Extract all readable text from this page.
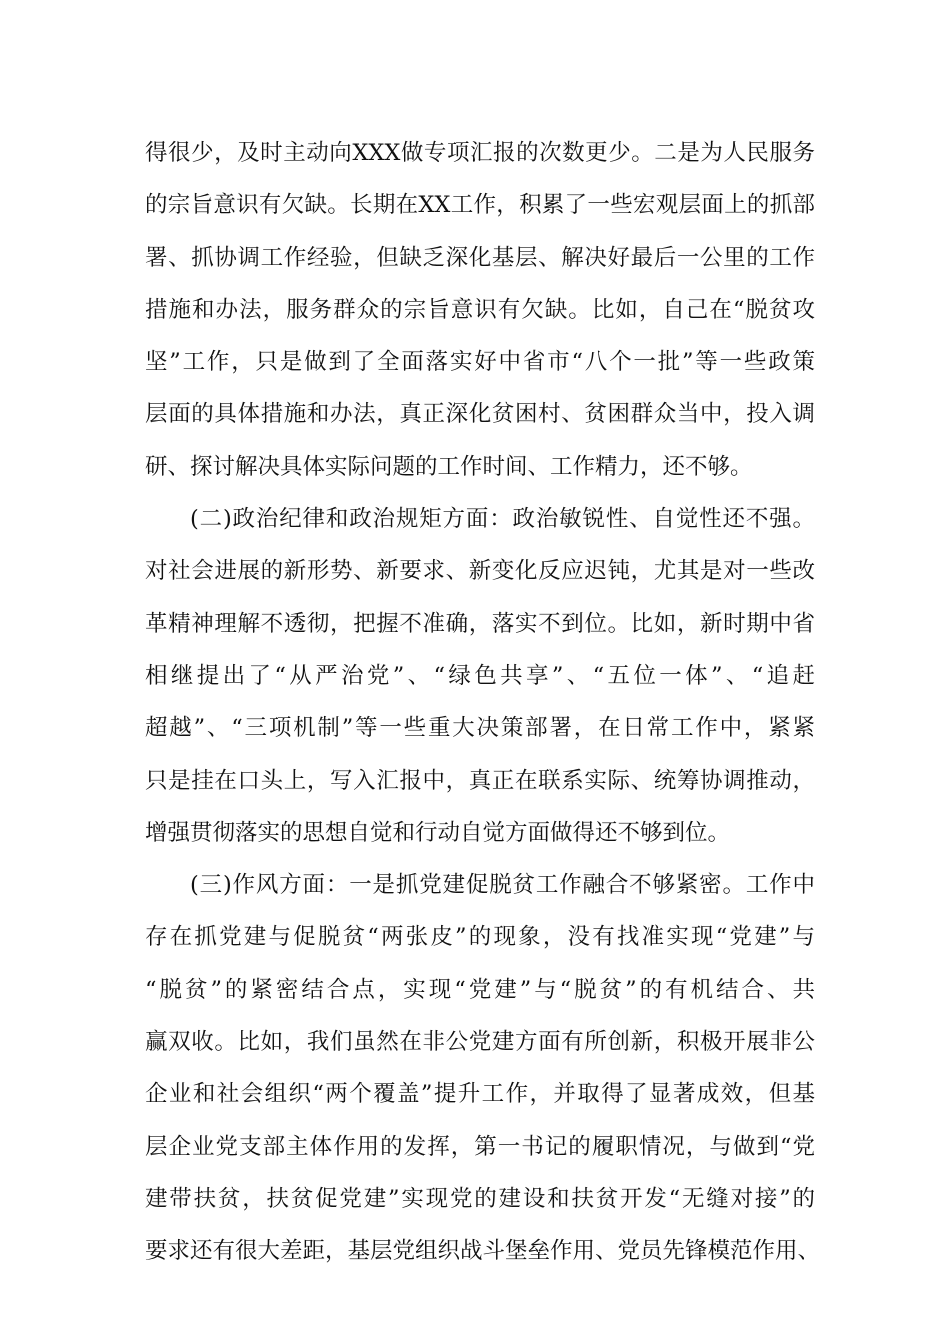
得很少，及时主动向XXX做专项汇报的次数更少。二是为人民服务
的宗旨意识有欠缺。长期在XX工作，积累了一些宏观层面上的抓部
署、抓协调工作经验，但缺乏深化基层、解决好最后一公里的工作
措施和办法，服务群众的宗旨意识有欠缺。比如，自己在“脱贫攻
坚”工作，只是做到了全面落实好中省市“八个一批”等一些政策
层面的具体措施和办法，真正深化贫困村、贫困群众当中，投入调
研、探讨解决具体实际问题的工作时间、工作精力，还不够。
(二)政治纪律和政治规矩方面：政治敏锐性、自觉性还不强。
对社会进展的新形势、新要求、新变化反应迟钝，尤其是对一些改
革精神理解不透彻，把握不准确，落实不到位。比如，新时期中省
相继提出了“从严治党”、“绿色共享”、“五位一体”、“追赶
超越”、“三项机制”等一些重大决策部署，在日常工作中，紧紧
只是挂在口头上，写入汇报中，真正在联系实际、统筹协调推动，
增强贯彻落实的思想自觉和行动自觉方面做得还不够到位。
(三)作风方面：一是抓党建促脱贫工作融合不够紧密。工作中
存在抓党建与促脱贫“两张皮”的现象，没有找准实现“党建”与
“脱贫”的紧密结合点，实现“党建”与“脱贫”的有机结合、共
赢双收。比如，我们虽然在非公党建方面有所创新，积极开展非公
企业和社会组织“两个覆盖”提升工作，并取得了显著成效，但基
层企业党支部主体作用的发挥，第一书记的履职情况，与做到“党
建带扶贫，扶贫促党建”实现党的建设和扶贫开发“无缝对接”的
要求还有很大差距，基层党组织战斗堡垒作用、党员先锋模范作用、
